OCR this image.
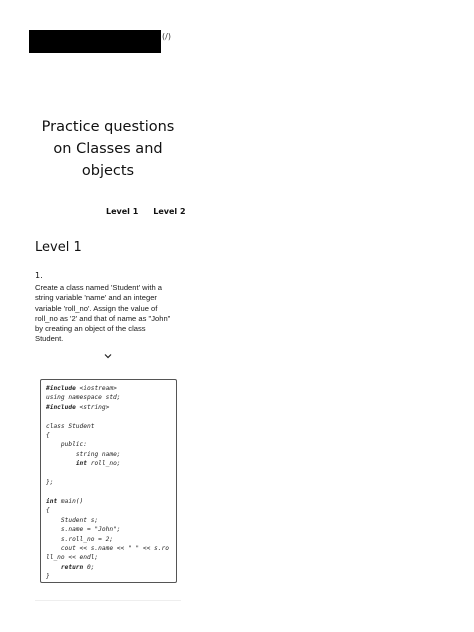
(/)
Practice questions on Classes and objects
Level 1 Level 2
Level 1
1.
Create a class named 'Student' with a string variable 'name' and an integer variable 'roll_no'. Assign the value of roll_no as '2' and that of name as "John" by creating an object of the class Student.
#include <iostream>
using namespace std;
#include <string>

class Student
{
public:
string name;
int roll_no;

};

int main()
{
Student s;
s.name = "John";
s.roll_no = 2;
cout << s.name << " " << s.ro
ll_no << endl;
return 0;
}
